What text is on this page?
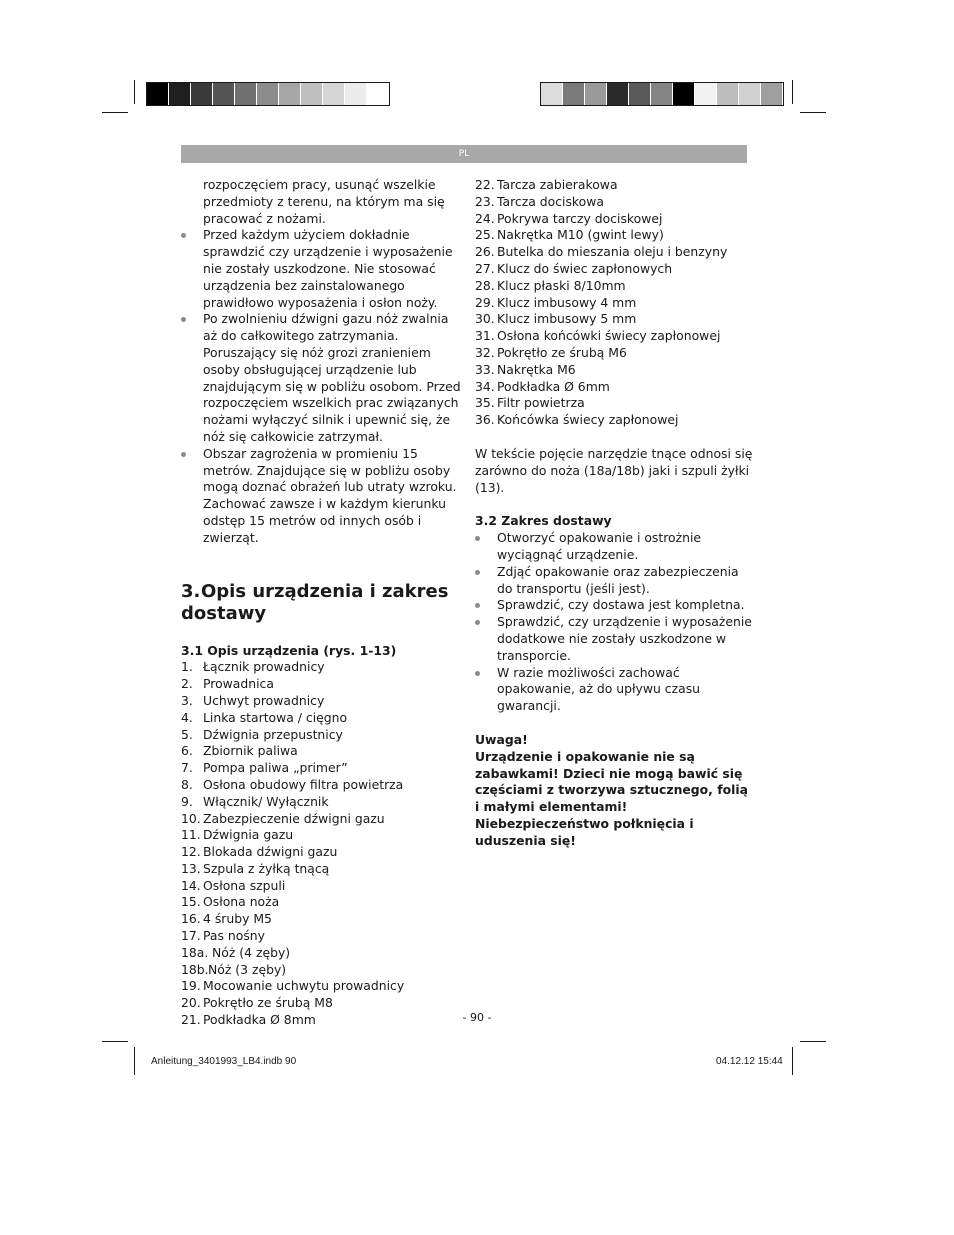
PL

rozpoczęciem pracy, usunąć wszelkie przedmioty z terenu, na którym ma się pracować z nożami.

Przed każdym użyciem dokładnie sprawdzić czy urządzenie i wyposażenie nie zostały uszkodzone. Nie stosować urządzenia bez zainstalowanego prawidłowo wyposażenia i osłon noży.
Po zwolnieniu dźwigni gazu nóż zwalnia aż do całkowitego zatrzymania. Poruszający się nóż grozi zranieniem osoby obsługującej urządzenie lub znajdującym się w pobliżu osobom. Przed rozpoczęciem wszelkich prac związanych nożami wyłączyć silnik i upewnić się, że nóż się całkowicie zatrzymał.
Obszar zagrożenia w promieniu 15 metrów. Znajdujące się w pobliżu osoby mogą doznać obrażeń lub utraty wzroku. Zachować zawsze i w każdym kierunku odstęp 15 metrów od innych osób i zwierząt.
3.Opis urządzenia i zakres dostawy

3.1 Opis urządzenia (rys. 1-13)

1. Łącznik prowadnicy
2. Prowadnica
3. Uchwyt prowadnicy
4. Linka startowa / cięgno
5. Dźwignia przepustnicy
6. Zbiornik paliwa
7. Pompa paliwa „primer”
8. Osłona obudowy filtra powietrza
9. Włącznik/ Wyłącznik
10. Zabezpieczenie dźwigni gazu
11. Dźwignia gazu
12. Blokada dźwigni gazu
13. Szpula z żyłką tnącą
14. Osłona szpuli
15. Osłona noża
16. 4 śruby M5
17. Pas nośny
18a. Nóż (4 zęby)
18b. Nóż (3 zęby)
19. Mocowanie uchwytu prowadnicy
20. Pokrętło ze śrubą M8
21. Podkładka Ø 8mm
22. Tarcza zabierakowa
23. Tarcza dociskowa
24. Pokrywa tarczy dociskowej
25. Nakrętka M10 (gwint lewy)
26. Butelka do mieszania oleju i benzyny
27. Klucz do świec zapłonowych
28. Klucz płaski 8/10mm
29. Klucz imbusowy 4 mm
30. Klucz imbusowy 5 mm
31. Osłona końcówki świecy zapłonowej
32. Pokrętło ze śrubą M6
33. Nakrętka M6
34. Podkładka Ø 6mm
35. Filtr powietrza
36. Końcówka świecy zapłonowej

W tekście pojęcie narzędzie tnące odnosi się zarówno do noża (18a/18b) jaki i szpuli żyłki (13).

3.2 Zakres dostawy

Otworzyć opakowanie i ostrożnie wyciągnąć urządzenie.
Zdjąć opakowanie oraz zabezpieczenia do transportu (jeśli jest).
Sprawdzić, czy dostawa jest kompletna.
Sprawdzić, czy urządzenie i wyposażenie dodatkowe nie zostały uszkodzone w transporcie.
W razie możliwości zachować opakowanie, aż do upływu czasu gwarancji.

Uwaga!

Urządzenie i opakowanie nie są zabawkami! Dzieci nie mogą bawić się częściami z tworzywa sztucznego, folią i małymi elementami! Niebezpieczeństwo połknięcia i uduszenia się!

- 90 -
Anleitung_3401993_LB4.indb 90	04.12.12 15:44
